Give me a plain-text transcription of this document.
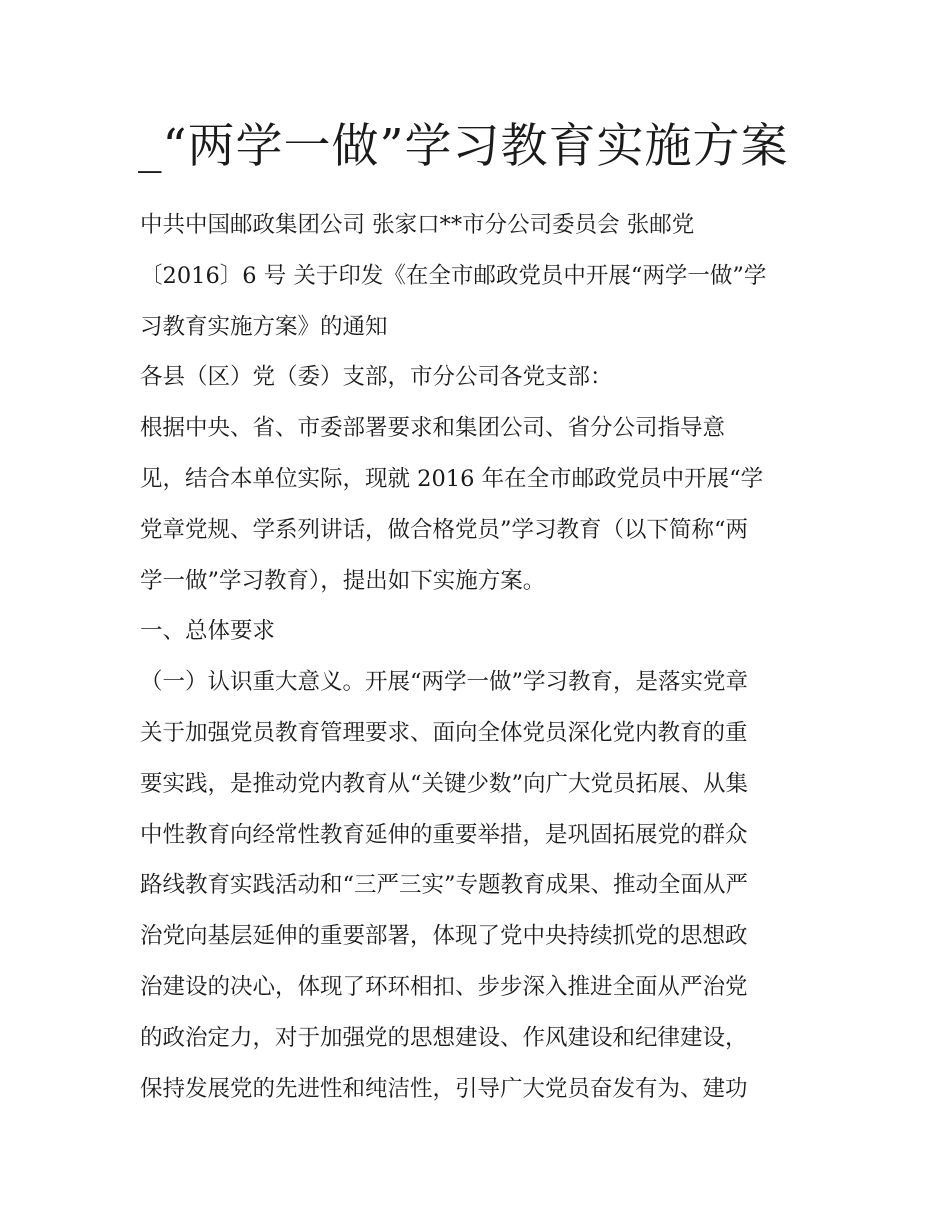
_“两学一做”学习教育实施方案
中共中国邮政集团公司 张家口**市分公司委员会 张邮党
〔2016〕6 号 关于印发《在全市邮政党员中开展“两学一做”学
习教育实施方案》的通知
各县（区）党（委）支部，市分公司各党支部：
根据中央、省、市委部署要求和集团公司、省分公司指导意
见，结合本单位实际，现就 2016 年在全市邮政党员中开展“学
党章党规、学系列讲话，做合格党员”学习教育（以下简称“两
学一做”学习教育），提出如下实施方案。
一、总体要求
（一）认识重大意义。开展“两学一做”学习教育，是落实党章
关于加强党员教育管理要求、面向全体党员深化党内教育的重
要实践，是推动党内教育从“关键少数”向广大党员拓展、从集
中性教育向经常性教育延伸的重要举措，是巩固拓展党的群众
路线教育实践活动和“三严三实”专题教育成果、推动全面从严
治党向基层延伸的重要部署，体现了党中央持续抓党的思想政
治建设的决心，体现了环环相扣、步步深入推进全面从严治党
的政治定力，对于加强党的思想建设、作风建设和纪律建设，
保持发展党的先进性和纯洁性，引导广大党员奋发有为、建功
